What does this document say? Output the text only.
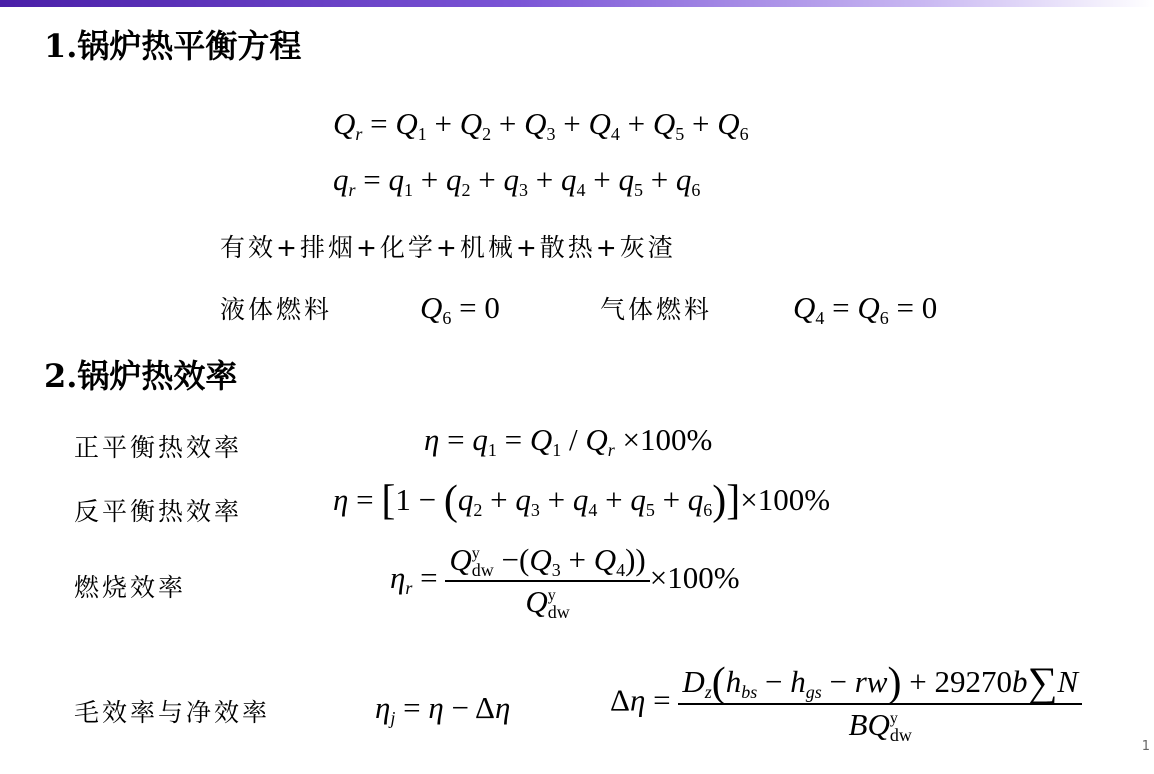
1.锅炉热平衡方程
$Q_r = Q_1 + Q_2 + Q_3 + Q_4 + Q_5 + Q_6$
$q_r = q_1 + q_2 + q_3 + q_4 + q_5 + q_6$
有效+排烟+化学+机械+散热+灰渣
液体燃料	$Q_6 = 0$	气体燃料	$Q_4 = Q_6 = 0$
2.锅炉热效率
正平衡热效率	$\eta = q_1 = Q_1 / Q_r \times 100\%$
反平衡热效率	$\eta = [1 - (q_2 + q_3 + q_4 + q_5 + q_6)]\times 100\%$
燃烧效率	$\eta_r = \frac{Q^y_{dw} -(Q_3 + Q_4))}{Q^y_{dw}} \times 100\%$
毛效率与净效率	$\eta_j = \eta - \Delta\eta$	$\Delta\eta = \frac{D_z(h_{bs} - h_{gs} - rw) + 29270b\sum N}{BQ^y_{dw}}$
1
